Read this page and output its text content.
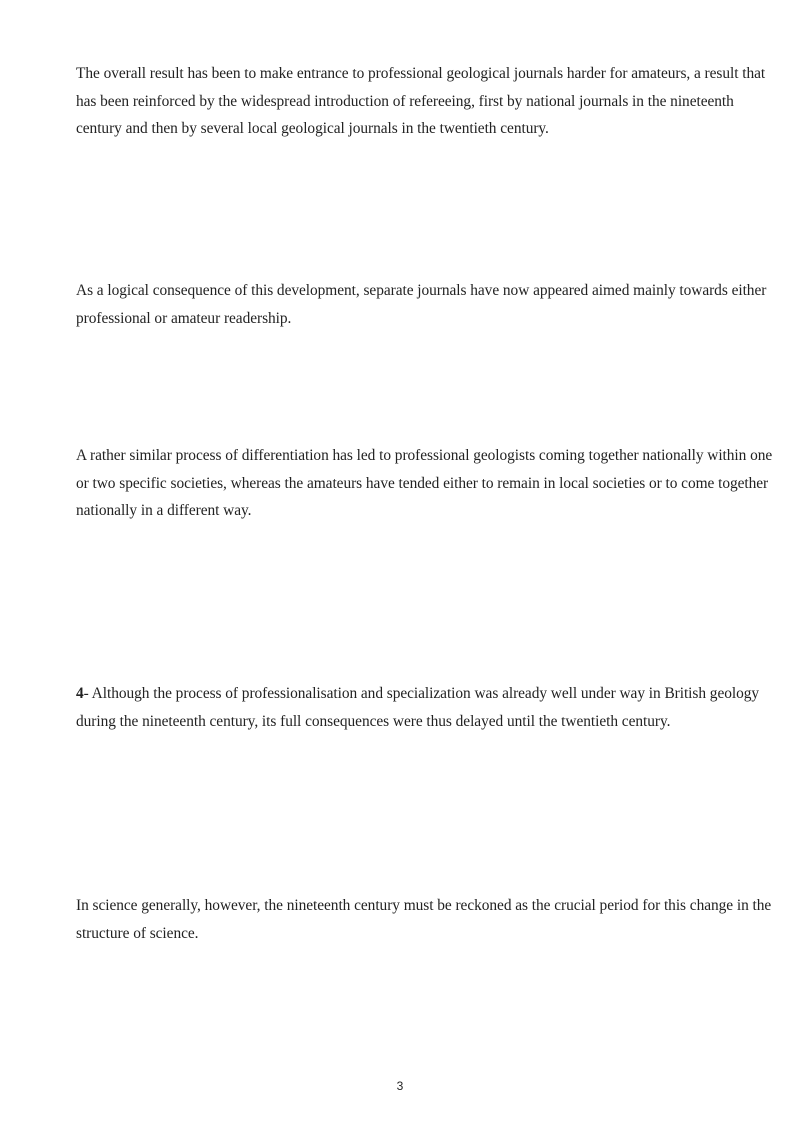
The overall result has been to make entrance to professional geological journals harder for amateurs, a result that has been reinforced by the widespread introduction of refereeing, first by national journals in the nineteenth century and then by several local geological journals in the twentieth century.

As a logical consequence of this development, separate journals have now appeared aimed mainly towards either professional or amateur readership.

A rather similar process of differentiation has led to professional geologists coming together nationally within one or two specific societies, whereas the amateurs have tended either to remain in local societies or to come together nationally in a different way.

4- Although the process of professionalisation and specialization was already well under way in British geology during the nineteenth century, its full consequences were thus delayed until the twentieth century.

In science generally, however, the nineteenth century must be reckoned as the crucial period for this change in the structure of science.

3
